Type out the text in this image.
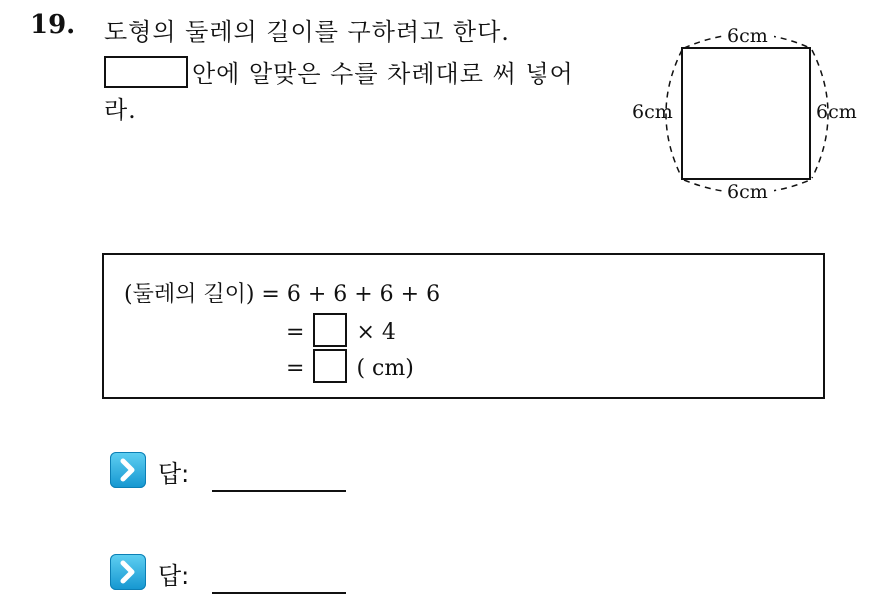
19. 도형의 둘레의 길이를 구하려고 한다.
안에 알맞은 수를 차례대로 써 넣어
라.
6cm
6cm
6cm	6cm
(둘레의 길이) = 6 + 6 + 6 + 6
= × 4
= ( cm)
답:
답:
